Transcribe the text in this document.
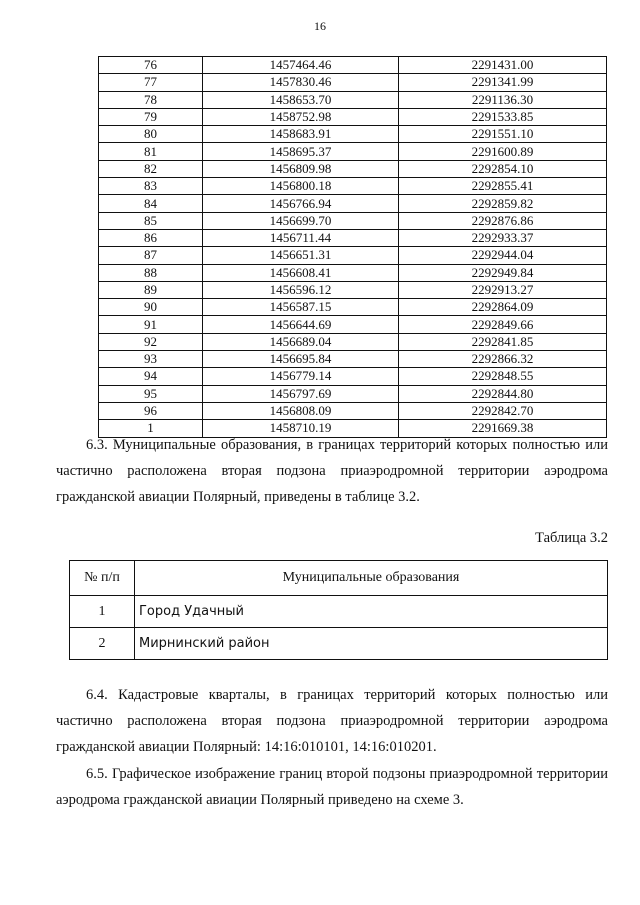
16
76	1457464.46	2291431.00
77	1457830.46	2291341.99
78	1458653.70	2291136.30
79	1458752.98	2291533.85
80	1458683.91	2291551.10
81	1458695.37	2291600.89
82	1456809.98	2292854.10
83	1456800.18	2292855.41
84	1456766.94	2292859.82
85	1456699.70	2292876.86
86	1456711.44	2292933.37
87	1456651.31	2292944.04
88	1456608.41	2292949.84
89	1456596.12	2292913.27
90	1456587.15	2292864.09
91	1456644.69	2292849.66
92	1456689.04	2292841.85
93	1456695.84	2292866.32
94	1456779.14	2292848.55
95	1456797.69	2292844.80
96	1456808.09	2292842.70
1	1458710.19	2291669.38

6.3. Муниципальные образования, в границах территорий которых полностью или частично расположена вторая подзона приаэродромной территории аэродрома гражданской авиации Полярный, приведены в таблице 3.2.

Таблица 3.2
№ п/п	Муниципальные образования
1	Город Удачный
2	Мирнинский район

6.4. Кадастровые кварталы, в границах территорий которых полностью или частично расположена вторая подзона приаэродромной территории аэродрома гражданской авиации Полярный: 14:16:010101, 14:16:010201.

6.5. Графическое изображение границ второй подзоны приаэродромной территории аэродрома гражданской авиации Полярный приведено на схеме 3.
